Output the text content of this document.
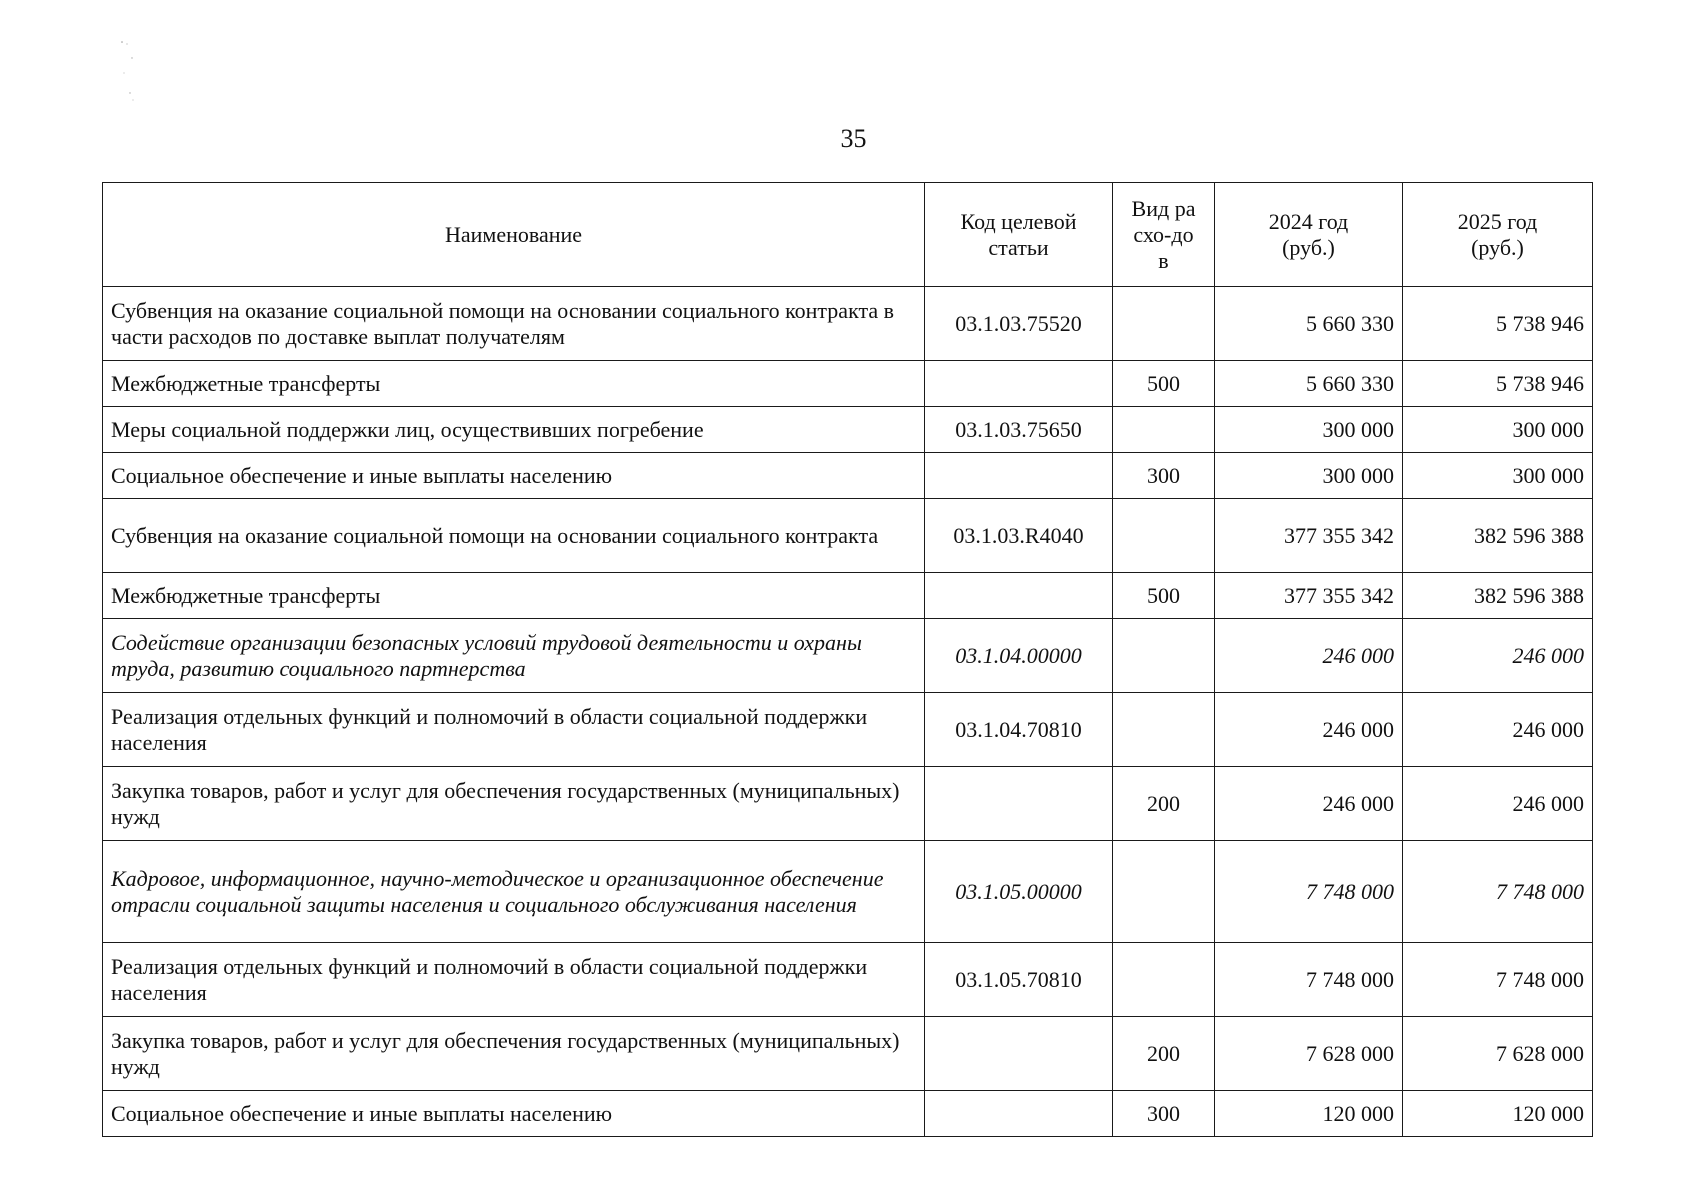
35
Наименование	Код целевой статьи	Вид расхо-дов	2024 год (руб.)	2025 год (руб.)
Субвенция на оказание социальной помощи на основании социального контракта в части расходов по доставке выплат получателям	03.1.03.75520		5 660 330	5 738 946
Межбюджетные трансферты		500	5 660 330	5 738 946
Меры социальной поддержки лиц, осуществивших погребение	03.1.03.75650		300 000	300 000
Социальное обеспечение и иные выплаты населению		300	300 000	300 000
Субвенция на оказание социальной помощи на основании социального контракта	03.1.03.R4040		377 355 342	382 596 388
Межбюджетные трансферты		500	377 355 342	382 596 388
Содействие организации безопасных условий трудовой деятельности и охраны труда, развитию социального партнерства	03.1.04.00000		246 000	246 000
Реализация отдельных функций и полномочий в области социальной поддержки населения	03.1.04.70810		246 000	246 000
Закупка товаров, работ и услуг для обеспечения государственных (муниципальных) нужд		200	246 000	246 000
Кадровое, информационное, научно-методическое и организационное обеспечение отрасли социальной защиты населения и социального обслуживания населения	03.1.05.00000		7 748 000	7 748 000
Реализация отдельных функций и полномочий в области социальной поддержки населения	03.1.05.70810		7 748 000	7 748 000
Закупка товаров, работ и услуг для обеспечения государственных (муниципальных) нужд		200	7 628 000	7 628 000
Социальное обеспечение и иные выплаты населению		300	120 000	120 000
